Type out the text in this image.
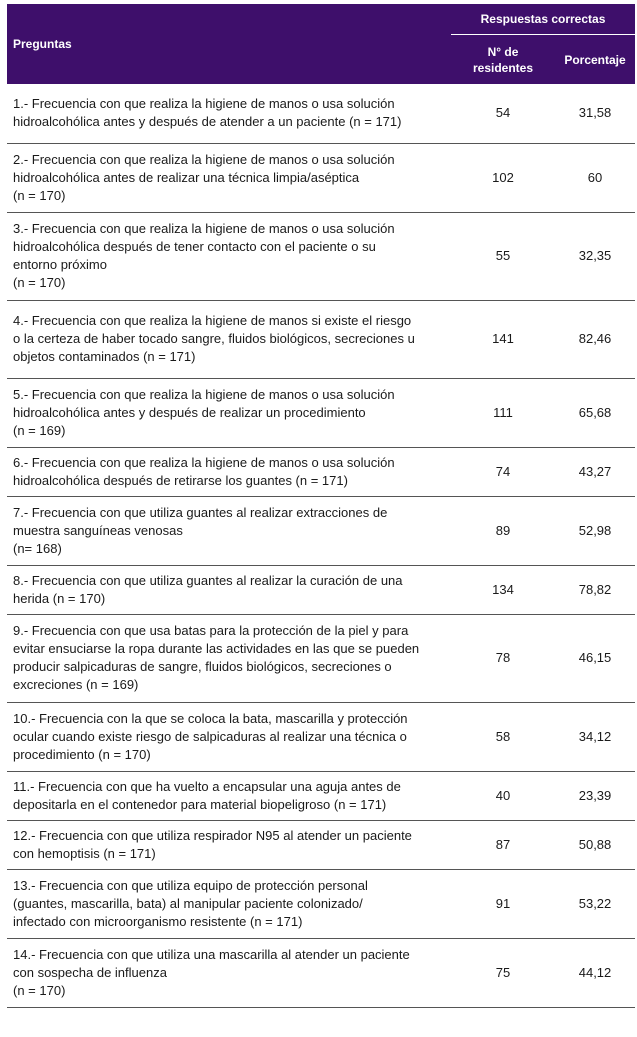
Preguntas	Respuestas correctas	

	N° de
residentes	Porcentaje

1.- Frecuencia con que realiza la higiene de manos o usa solución
hidroalcohólica antes y después de atender a un paciente (n = 171)	54	31,58

2.- Frecuencia con que realiza la higiene de manos o usa solución
hidroalcohólica antes de realizar una técnica limpia/aséptica
(n = 170)	102	60

3.- Frecuencia con que realiza la higiene de manos o usa solución
hidroalcohólica después de tener contacto con el paciente o su
entorno próximo
(n = 170)	55	32,35

4.- Frecuencia con que realiza la higiene de manos si existe el riesgo
o la certeza de haber tocado sangre, fluidos biológicos, secreciones u
objetos contaminados (n = 171)	141	82,46

5.- Frecuencia con que realiza la higiene de manos o usa solución
hidroalcohólica antes y después de realizar un procedimiento
(n = 169)	111	65,68

6.- Frecuencia con que realiza la higiene de manos o usa solución
hidroalcohólica después de retirarse los guantes (n = 171)	74	43,27

7.- Frecuencia con que utiliza guantes al realizar extracciones de
muestra sanguíneas venosas
(n= 168)	89	52,98

8.- Frecuencia con que utiliza guantes al realizar la curación de una
herida (n = 170)	134	78,82

9.- Frecuencia con que usa batas para la protección de la piel y para
evitar ensuciarse la ropa durante las actividades en las que se pueden
producir salpicaduras de sangre, fluidos biológicos, secreciones o
excreciones (n = 169)	78	46,15

10.- Frecuencia con la que se coloca la bata, mascarilla y protección
ocular cuando existe riesgo de salpicaduras al realizar una técnica o
procedimiento (n = 170)	58	34,12

11.- Frecuencia con que ha vuelto a encapsular una aguja antes de
depositarla en el contenedor para material biopeligroso (n = 171)	40	23,39

12.- Frecuencia con que utiliza respirador N95 al atender un paciente
con hemoptisis (n = 171)	87	50,88

13.- Frecuencia con que utiliza equipo de protección personal
(guantes, mascarilla, bata) al manipular paciente colonizado/
infectado con microorganismo resistente (n = 171)	91	53,22

14.- Frecuencia con que utiliza una mascarilla al atender un paciente
con sospecha de influenza
(n = 170)	75	44,12
